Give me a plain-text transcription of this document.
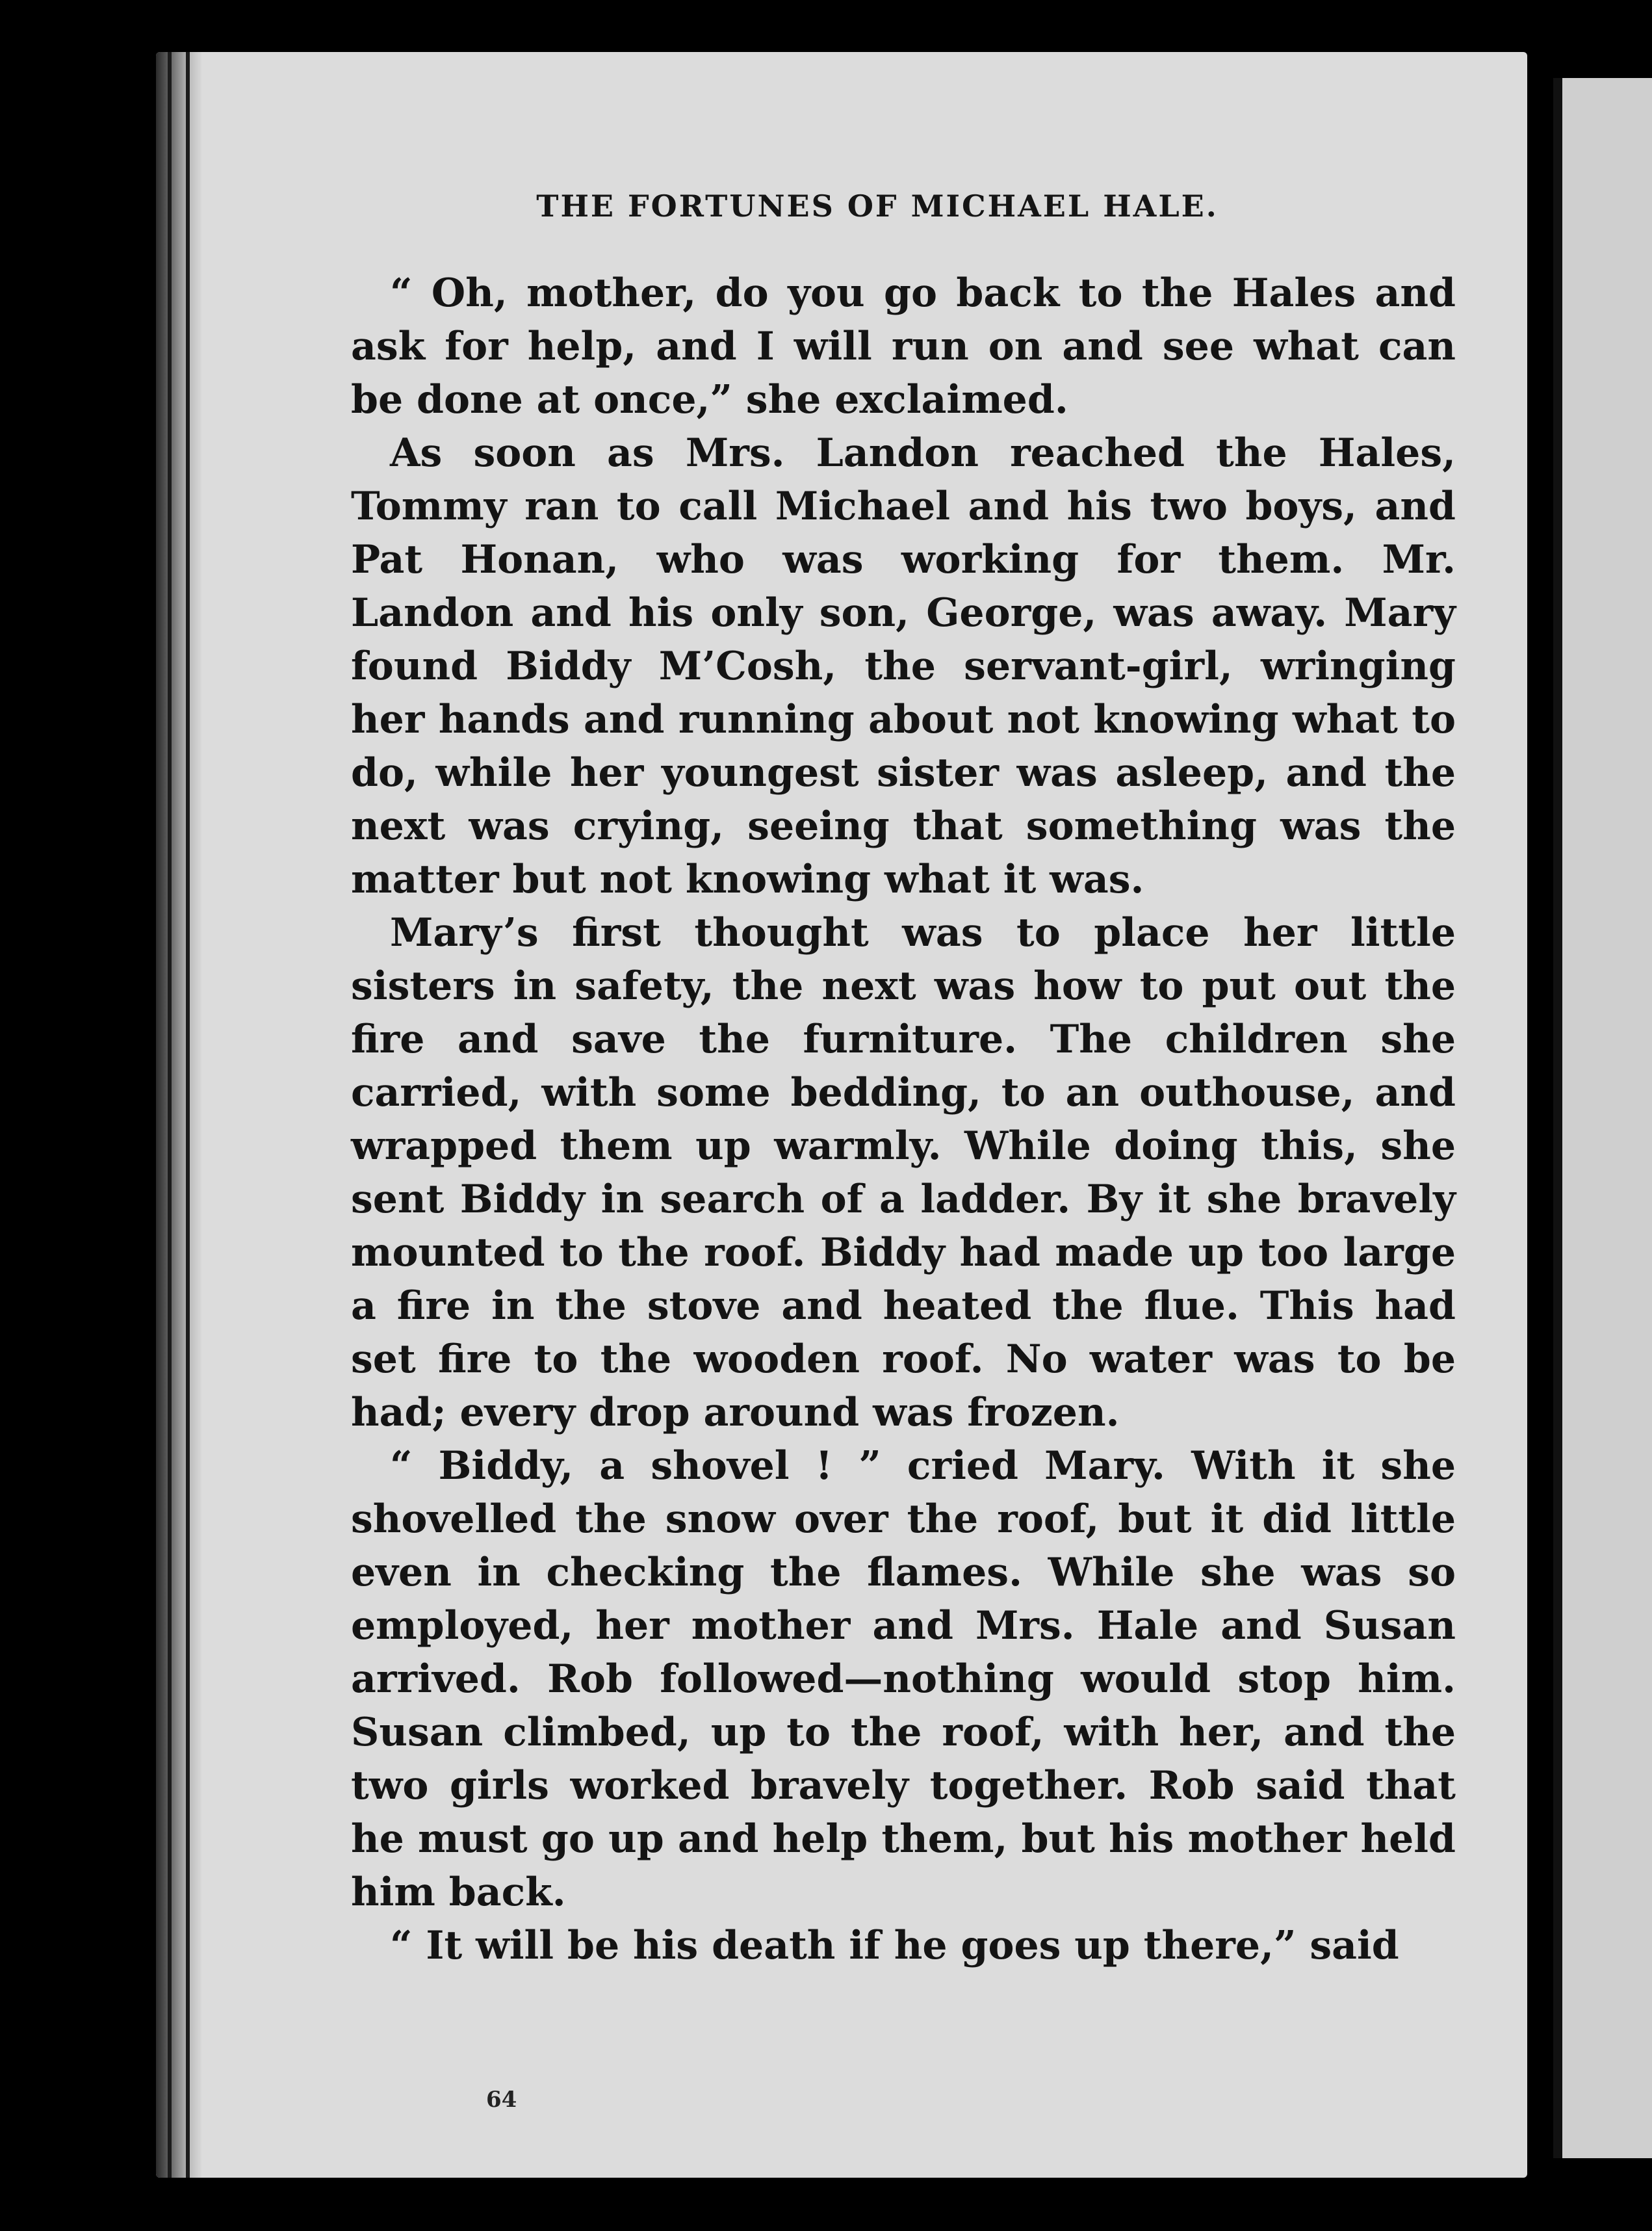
THE FORTUNES OF MICHAEL HALE.

“ Oh, mother, do you go back to the Hales and ask for help, and I will run on and see what can be done at once,” she exclaimed.

As soon as Mrs. Landon reached the Hales, Tommy ran to call Michael and his two boys, and Pat Honan, who was working for them. Mr. Landon and his only son, George, was away. Mary found Biddy M’Cosh, the servant-girl, wringing her hands and running about not knowing what to do, while her youngest sister was asleep, and the next was crying, seeing that something was the matter but not knowing what it was.

Mary’s first thought was to place her little sisters in safety, the next was how to put out the fire and save the furniture. The children she carried, with some bedding, to an outhouse, and wrapped them up warmly. While doing this, she sent Biddy in search of a ladder. By it she bravely mounted to the roof. Biddy had made up too large a fire in the stove and heated the flue. This had set fire to the wooden roof. No water was to be had; every drop around was frozen.

“ Biddy, a shovel ! ” cried Mary. With it she shovelled the snow over the roof, but it did little even in checking the flames. While she was so employed, her mother and Mrs. Hale and Susan arrived. Rob followed—nothing would stop him. Susan climbed, up to the roof, with her, and the two girls worked bravely together. Rob said that he must go up and help them, but his mother held him back.

“ It will be his death if he goes up there,” said

64
